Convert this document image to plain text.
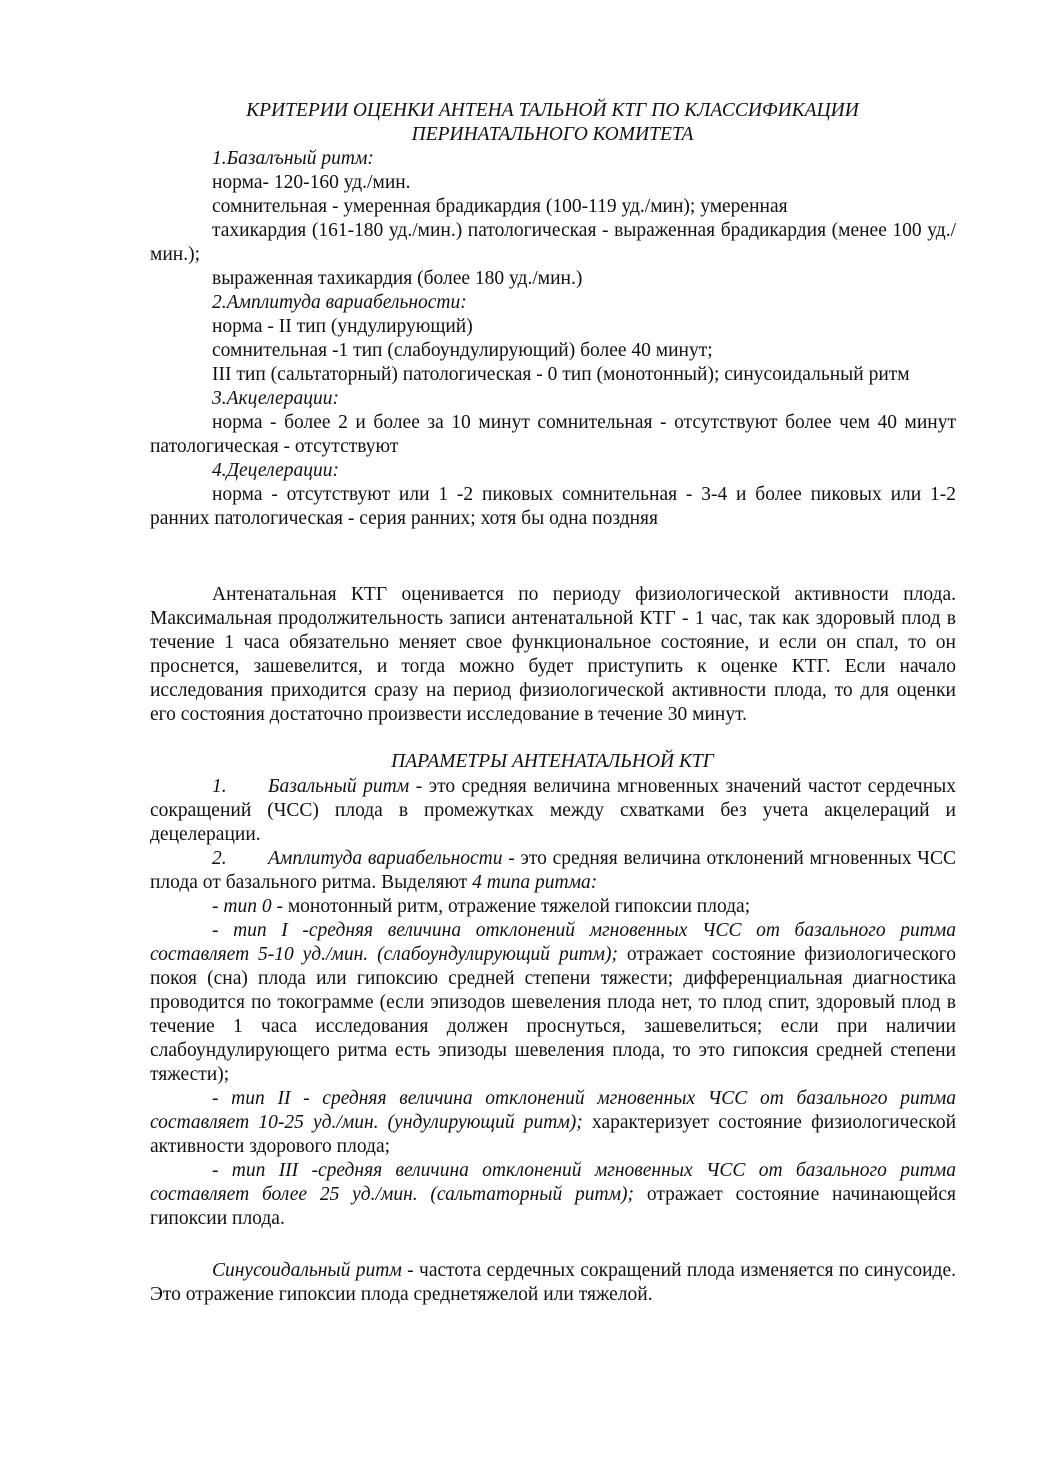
КРИТЕРИИ ОЦЕНКИ АНТЕНА ТАЛЬНОЙ КТГ ПО КЛАССИФИКАЦИИ
ПЕРИНАТАЛЬНОГО КОМИТЕТА

1.Базалъный ритм:

норма- 120-160 уд./мин.

сомнительная - умеренная брадикардия (100-119 уд./мин); умеренная

тахикардия (161-180 уд./мин.) патологическая - выраженная брадикардия (менее 100 уд./мин.);

выраженная тахикардия (более 180 уд./мин.)

2.Амплитуда вариабельности:

норма - II тип (ундулирующий)

сомнительная -1 тип (слабоундулирующий) более 40 минут;

III тип (сальтаторный) патологическая - 0 тип (монотонный); синусоидальный ритм

3.Акцелерации:

норма - более 2 и более за 10 минут сомнительная - отсутствуют более чем 40 минут патологическая - отсутствуют

4.Децелерации:

норма - отсутствуют или 1 -2 пиковых сомнительная - 3-4 и более пиковых или 1-2 ранних патологическая - серия ранних; хотя бы одна поздняя

Антенатальная КТГ оценивается по периоду физиологической активности плода. Максимальная продолжительность записи антенатальной КТГ - 1 час, так как здоровый плод в течение 1 часа обязательно меняет свое функциональное состояние, и если он спал, то он проснется, зашевелится, и тогда можно будет приступить к оценке КТГ. Если начало исследования приходится сразу на период физиологической активности плода, то для оценки его состояния достаточно произвести исследование в течение 30 минут.

ПАРАМЕТРЫ АНТЕНАТАЛЬНОЙ КТГ

1. Базальный ритм - это средняя величина мгновенных значений частот сердечных сокращений (ЧСС) плода в промежутках между схватками без учета акцелераций и децелерации.

2. Амплитуда вариабельности - это средняя величина отклонений мгновенных ЧСС плода от базального ритма. Выделяют 4 типа ритма:

- тип 0 - монотонный ритм, отражение тяжелой гипоксии плода;

- тип I -средняя величина отклонений мгновенных ЧСС от базального ритма составляет 5-10 уд./мин. (слабоундулирующий ритм); отражает состояние физиологического покоя (сна) плода или гипоксию средней степени тяжести; дифференциальная диагностика проводится по токограмме (если эпизодов шевеления плода нет, то плод спит, здоровый плод в течение 1 часа исследования должен проснуться, зашевелиться; если при наличии слабоундулирующего ритма есть эпизоды шевеления плода, то это гипоксия средней степени тяжести);

- тип II - средняя величина отклонений мгновенных ЧСС от базального ритма составляет 10-25 уд./мин. (ундулирующий ритм); характеризует состояние физиологической активности здорового плода;

- тип III -средняя величина отклонений мгновенных ЧСС от базального ритма составляет более 25 уд./мин. (сальтаторный ритм); отражает состояние начинающейся гипоксии плода.

Синусоидальный ритм - частота сердечных сокращений плода изменяется по синусоиде. Это отражение гипоксии плода среднетяжелой или тяжелой.
